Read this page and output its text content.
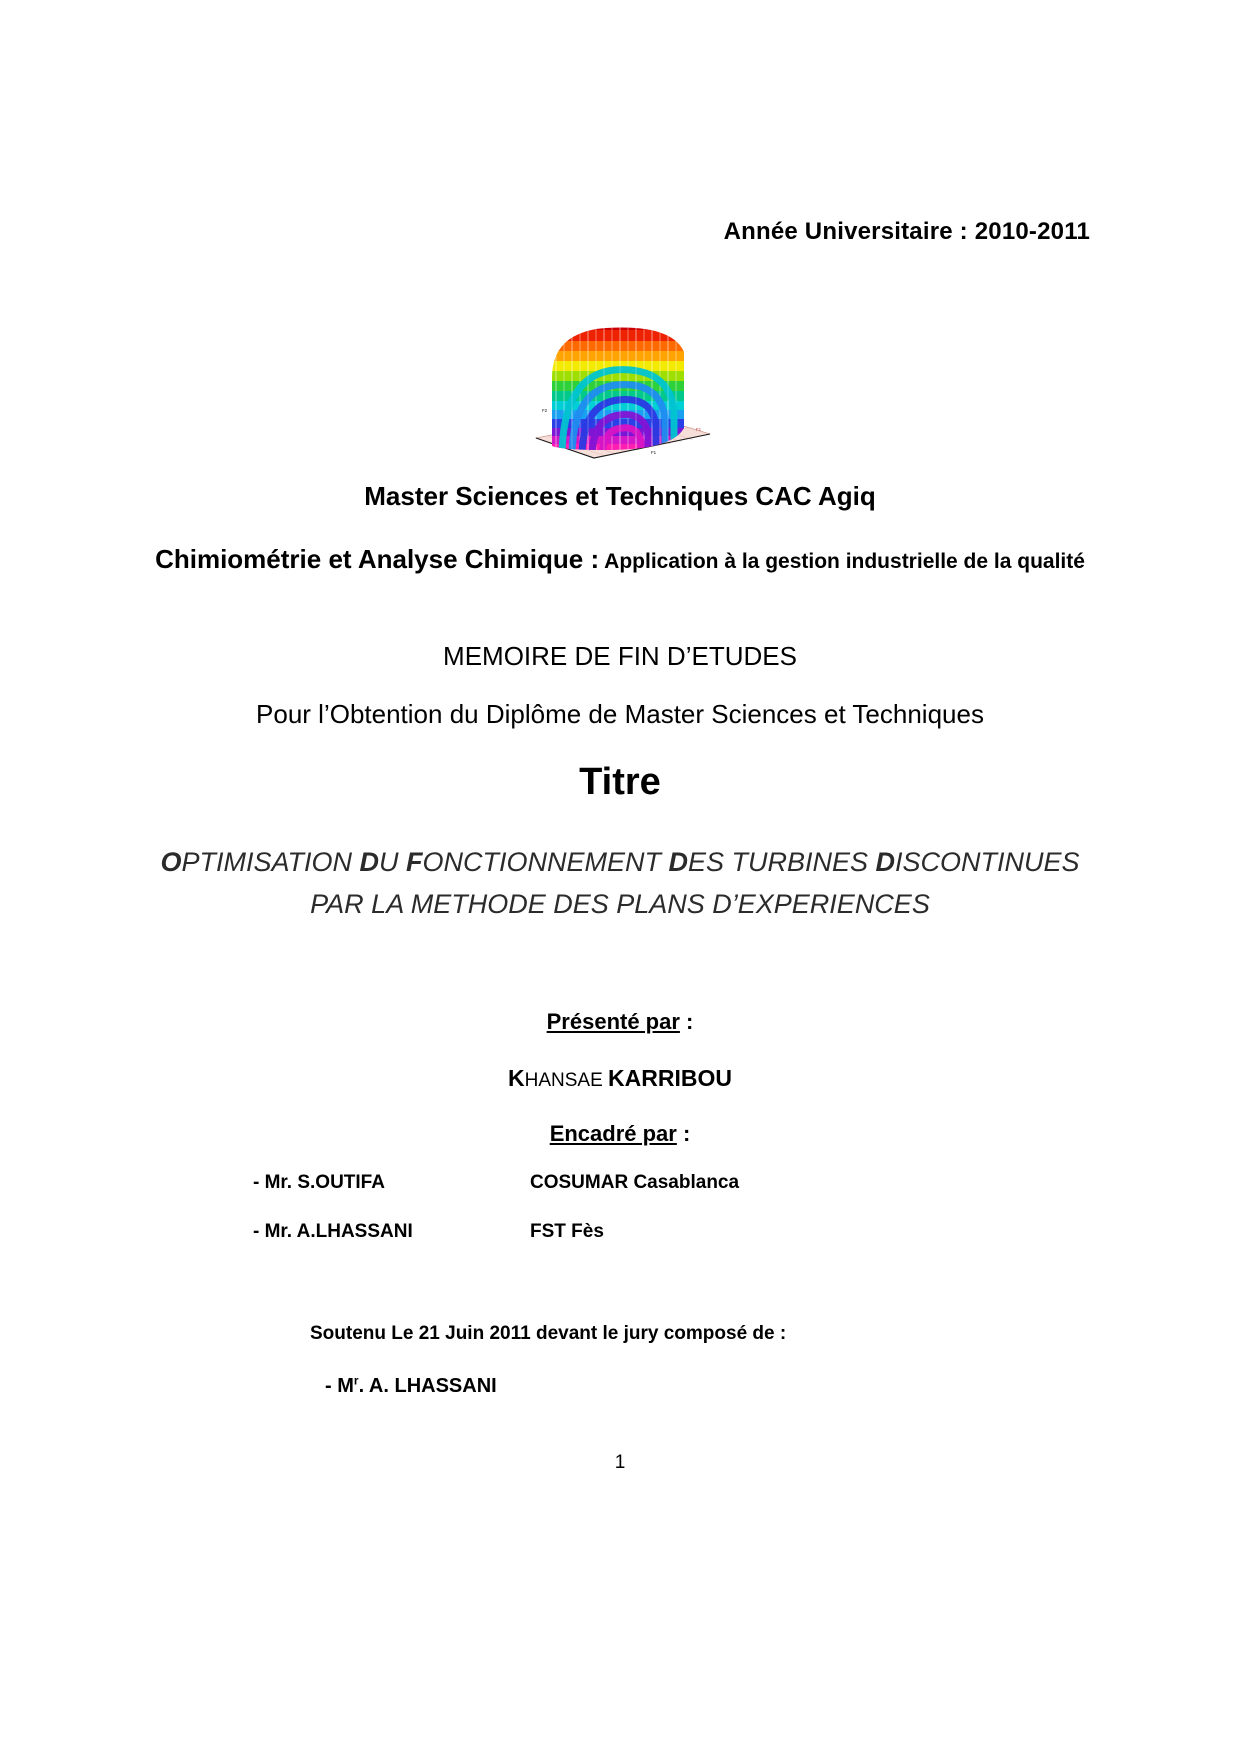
Année Universitaire : 2010-2011
F2
F1
F1
Master Sciences et Techniques CAC Agiq
Chimiométrie et Analyse Chimique : Application à la gestion industrielle de la qualité
MEMOIRE DE FIN D’ETUDES
Pour l’Obtention du Diplôme de Master Sciences et Techniques
Titre
OPTIMISATION DU FONCTIONNEMENT DES TURBINES DISCONTINUES
PAR LA METHODE DES PLANS D’EXPERIENCES
Présenté par :
KHANSAE KARRIBOU
Encadré par :
- Mr. S.OUTIFA	COSUMAR Casablanca
- Mr. A.LHASSANI	FST Fès
Soutenu Le 21 Juin 2011 devant le jury composé de :
- $M^r$. A. LHASSANI
1
